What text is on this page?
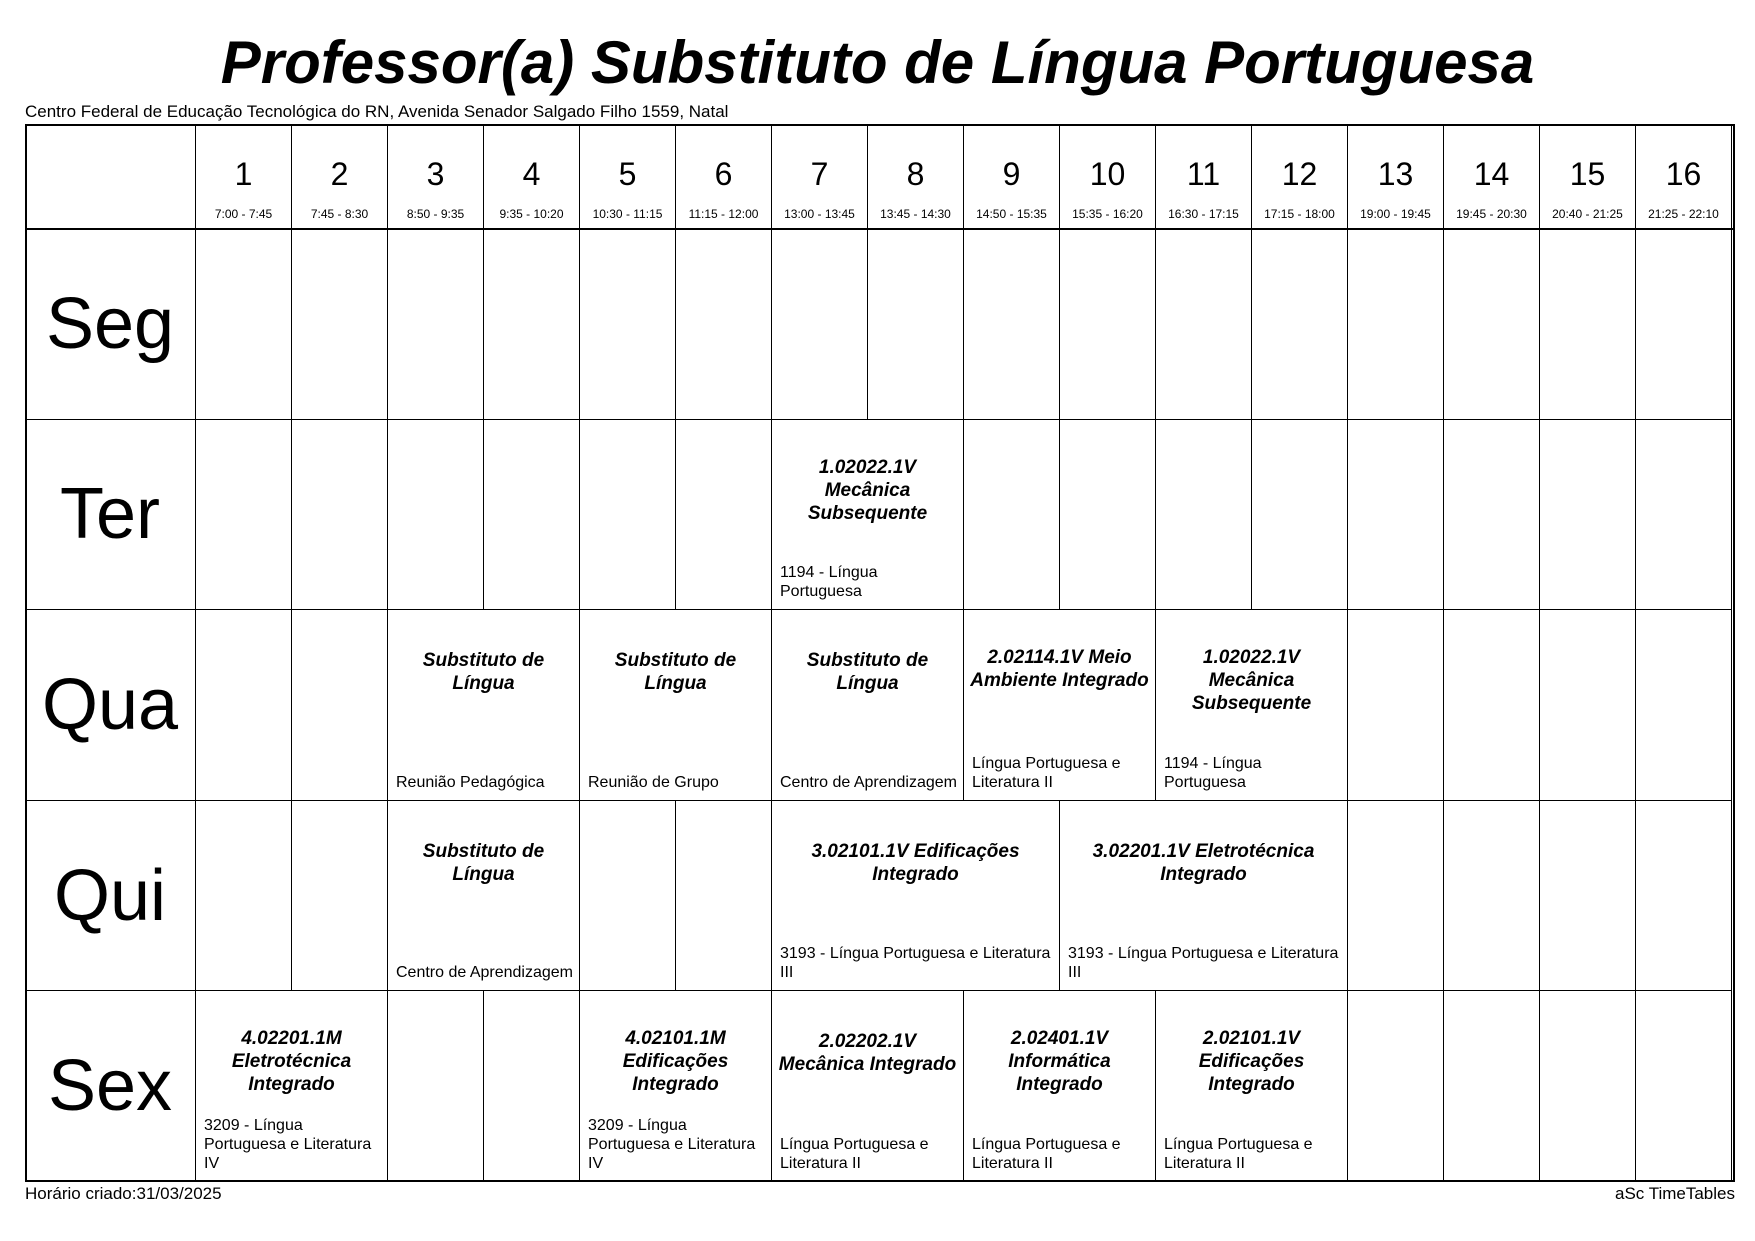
Professor(a) Substituto de Língua Portuguesa
Centro Federal de Educação Tecnológica do RN, Avenida Senador Salgado Filho 1559, Natal
1
7:00 - 7:45
2
7:45 - 8:30
3
8:50 - 9:35
4
9:35 - 10:20
5
10:30 - 11:15
6
11:15 - 12:00
7
13:00 - 13:45
8
13:45 - 14:30
9
14:50 - 15:35
10
15:35 - 16:20
11
16:30 - 17:15
12
17:15 - 18:00
13
19:00 - 19:45
14
19:45 - 20:30
15
20:40 - 21:25
16
21:25 - 22:10
Seg
Ter
1.02022.1V Mecânica Subsequente
1194 - Língua Portuguesa
Qua
Substituto de Língua
Reunião Pedagógica
Substituto de Língua
Reunião de Grupo
Substituto de Língua
Centro de Aprendizagem
2.02114.1V Meio Ambiente Integrado
Língua Portuguesa e Literatura II
1.02022.1V Mecânica Subsequente
1194 - Língua Portuguesa
Qui
Substituto de Língua
Centro de Aprendizagem
3.02101.1V Edificações Integrado
3193 - Língua Portuguesa e Literatura III
3.02201.1V Eletrotécnica Integrado
3193 - Língua Portuguesa e Literatura III
Sex
4.02201.1M Eletrotécnica Integrado
3209 - Língua Portuguesa e Literatura IV
4.02101.1M Edificações Integrado
3209 - Língua Portuguesa e Literatura IV
2.02202.1V Mecânica Integrado
Língua Portuguesa e Literatura II
2.02401.1V Informática Integrado
Língua Portuguesa e Literatura II
2.02101.1V Edificações Integrado
Língua Portuguesa e Literatura II
Horário criado:31/03/2025	aSc TimeTables
